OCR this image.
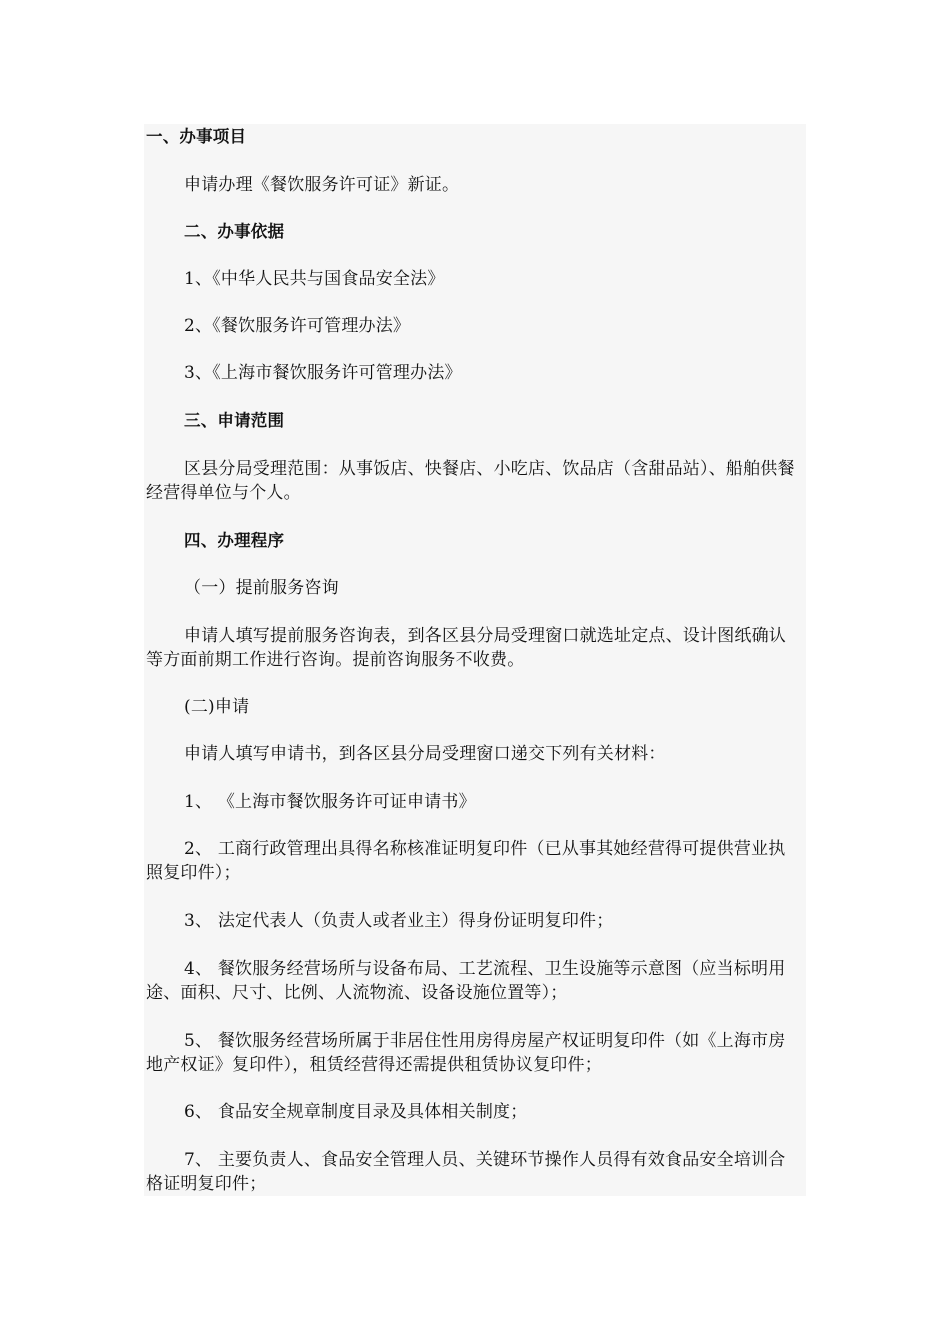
一、办事项目
申请办理《餐饮服务许可证》新证。
二、办事依据
1、《中华人民共与国食品安全法》
2、《餐饮服务许可管理办法》
3、《上海市餐饮服务许可管理办法》
三、申请范围
区县分局受理范围：从事饭店、快餐店、小吃店、饮品店（含甜品站）、船舶供餐经营得单位与个人。
四、办理程序
（一）提前服务咨询
申请人填写提前服务咨询表，到各区县分局受理窗口就选址定点、设计图纸确认等方面前期工作进行咨询。提前咨询服务不收费。
(二)申请
申请人填写申请书，到各区县分局受理窗口递交下列有关材料：
1、 《上海市餐饮服务许可证申请书》
2、 工商行政管理出具得名称核准证明复印件（已从事其她经营得可提供营业执照复印件）；
3、 法定代表人（负责人或者业主）得身份证明复印件；
4、 餐饮服务经营场所与设备布局、工艺流程、卫生设施等示意图（应当标明用途、面积、尺寸、比例、人流物流、设备设施位置等）；
5、 餐饮服务经营场所属于非居住性用房得房屋产权证明复印件（如《上海市房地产权证》复印件），租赁经营得还需提供租赁协议复印件；
6、 食品安全规章制度目录及具体相关制度；
7、 主要负责人、食品安全管理人员、关键环节操作人员得有效食品安全培训合格证明复印件；
